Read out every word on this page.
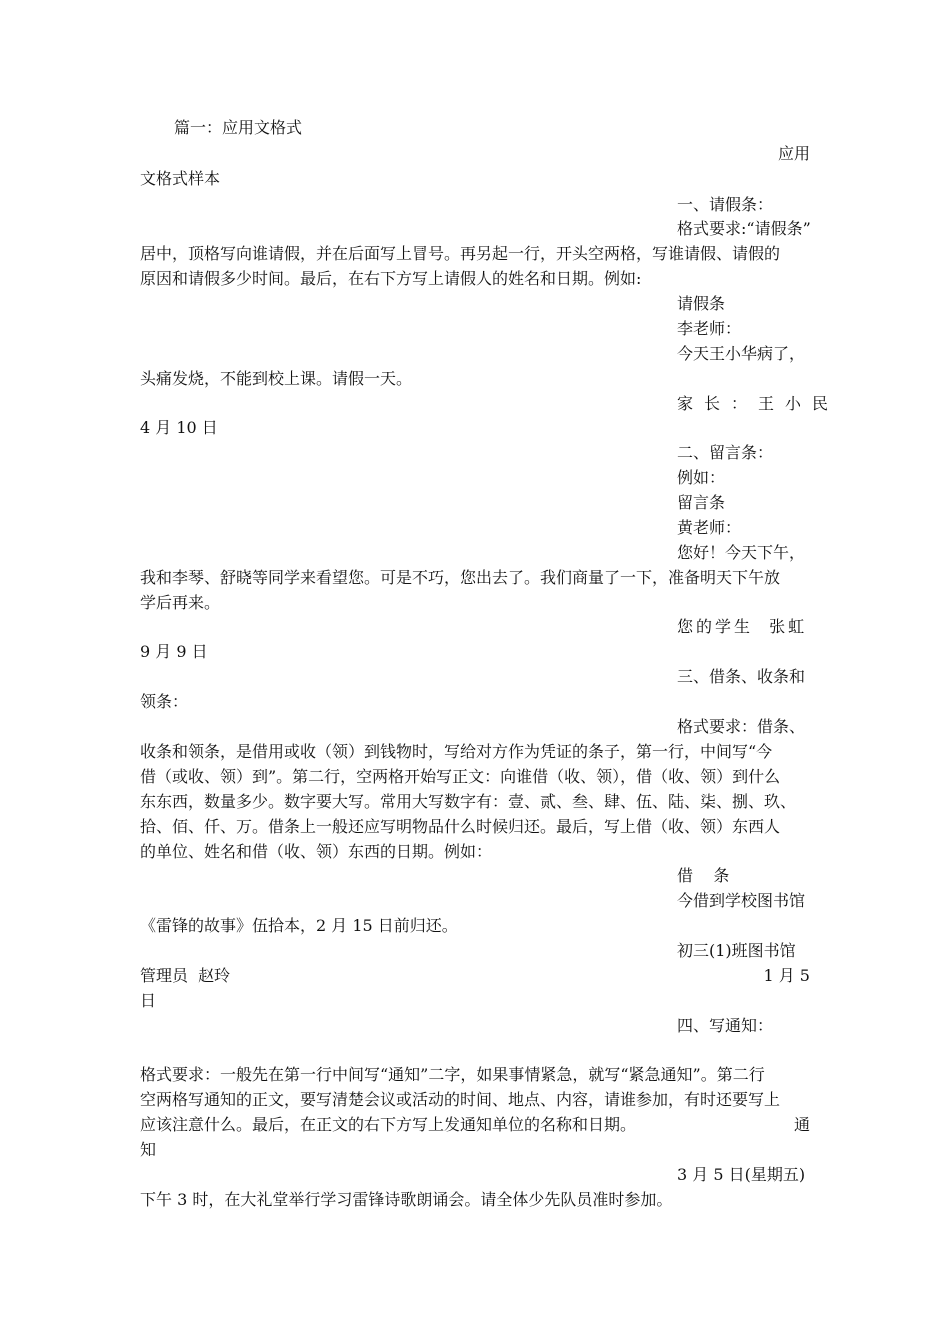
篇一：应用文格式

应用

文格式样本

一、请假条：

格式要求:“请假条”

居中，顶格写向谁请假，并在后面写上冒号。再另起一行，开头空两格，写谁请假、请假的

原因和请假多少时间。最后，在右下方写上请假人的姓名和日期。例如:

请假条

李老师：

今天王小华病了，

头痛发烧，不能到校上课。请假一天。

家长：王小民

4 月 10 日

二、留言条：

例如：

留言条

黄老师：

您好！今天下午，

我和李琴、舒晓等同学来看望您。可是不巧，您出去了。我们商量了一下，准备明天下午放

学后再来。

您的学生  张虹

9 月 9 日

三、借条、收条和

领条：

格式要求：借条、

收条和领条，是借用或收（领）到钱物时，写给对方作为凭证的条子，第一行，中间写“今

借（或收、领）到”。第二行，空两格开始写正文：向谁借（收、领），借（收、领）到什么

东东西，数量多少。数字要大写。常用大写数字有：壹、贰、叁、肆、伍、陆、柒、捌、玖、

拾、佰、仟、万。借条上一般还应写明物品什么时候归还。最后，写上借（收、领）东西人

的单位、姓名和借（收、领）东西的日期。例如：

借    条

今借到学校图书馆

《雷锋的故事》伍拾本，2 月 15 日前归还。

初三(1)班图书馆

管理员  赵玲	1 月 5

日

四、写通知：

格式要求：一般先在第一行中间写“通知”二字，如果事情紧急，就写“紧急通知”。第二行

空两格写通知的正文，要写清楚会议或活动的时间、地点、内容，请谁参加，有时还要写上

应该注意什么。最后，在正文的右下方写上发通知单位的名称和日期。	通

知

3 月 5 日(星期五)

下午 3 时，在大礼堂举行学习雷锋诗歌朗诵会。请全体少先队员准时参加。
